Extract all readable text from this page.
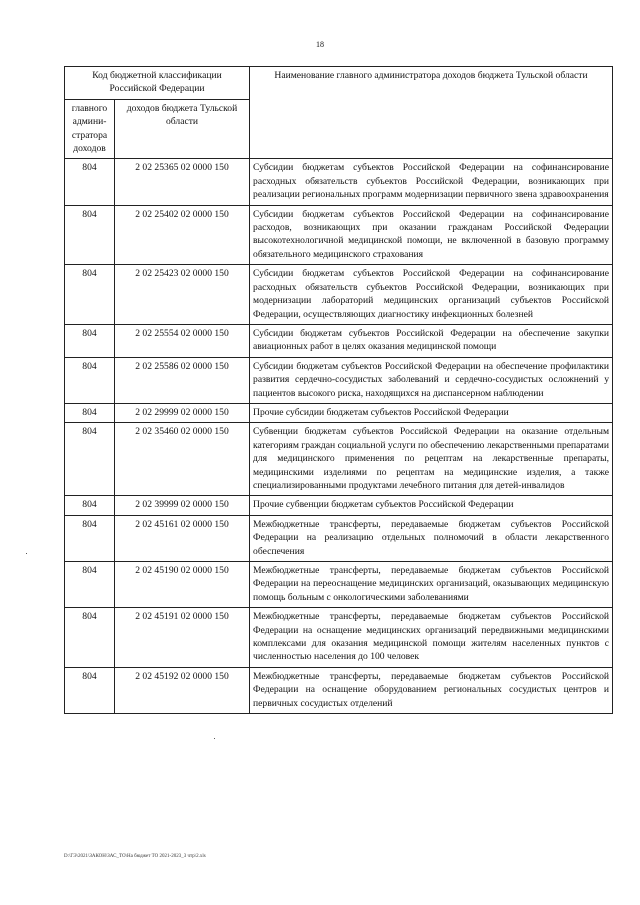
18
Код бюджетной классификации Российской Федерации		Наименование главного администратора доходов бюджета Тульской области
главного админи-стратора доходов	доходов бюджета Тульской области	
804	2 02 25365 02 0000 150	Субсидии бюджетам субъектов Российской Федерации на софинансирование расходных обязательств субъектов Российской Федерации, возникающих при реализации региональных программ модернизации первичного звена здравоохранения
804	2 02 25402 02 0000 150	Субсидии бюджетам субъектов Российской Федерации на софинансирование расходов, возникающих при оказании гражданам Российской Федерации высокотехнологичной медицинской помощи, не включенной в базовую программу обязательного медицинского страхования
804	2 02 25423 02 0000 150	Субсидии бюджетам субъектов Российской Федерации на софинансирование расходных обязательств субъектов Российской Федерации, возникающих при модернизации лабораторий медицинских организаций субъектов Российской Федерации, осуществляющих диагностику инфекционных болезней
804	2 02 25554 02 0000 150	Субсидии бюджетам субъектов Российской Федерации на обеспечение закупки авиационных работ в целях оказания медицинской помощи
804	2 02 25586 02 0000 150	Субсидии бюджетам субъектов Российской Федерации на обеспечение профилактики развития сердечно-сосудистых заболеваний и сердечно-сосудистых осложнений у пациентов высокого риска, находящихся на диспансерном наблюдении
804	2 02 29999 02 0000 150	Прочие субсидии бюджетам субъектов Российской Федерации
804	2 02 35460 02 0000 150	Субвенции бюджетам субъектов Российской Федерации на оказание отдельным категориям граждан социальной услуги по обеспечению лекарственными препаратами для медицинского применения по рецептам на лекарственные препараты, медицинскими изделиями по рецептам на медицинские изделия, а также специализированными продуктами лечебного питания для детей-инвалидов
804	2 02 39999 02 0000 150	Прочие субвенции бюджетам субъектов Российской Федерации
804	2 02 45161 02 0000 150	Межбюджетные трансферты, передаваемые бюджетам субъектов Российской Федерации на реализацию отдельных полномочий в области лекарственного обеспечения
804	2 02 45190 02 0000 150	Межбюджетные трансферты, передаваемые бюджетам субъектов Российской Федерации на переоснащение медицинских организаций, оказывающих медицинскую помощь больным с онкологическими заболеваниями
804	2 02 45191 02 0000 150	Межбюджетные трансферты, передаваемые бюджетам субъектов Российской Федерации на оснащение медицинских организаций передвижными медицинскими комплексами для оказания медицинской помощи жителям населенных пунктов с численностью населения до 100 человек
804	2 02 45192 02 0000 150	Межбюджетные трансферты, передаваемые бюджетам субъектов Российской Федерации на оснащение оборудованием региональных сосудистых центров и первичных сосудистых отделений
D:\ГЭ\2021\ЗАКОН\ЗАС_ТО\На бюджет ТО 2021-2023_3 чтр\2.xls
